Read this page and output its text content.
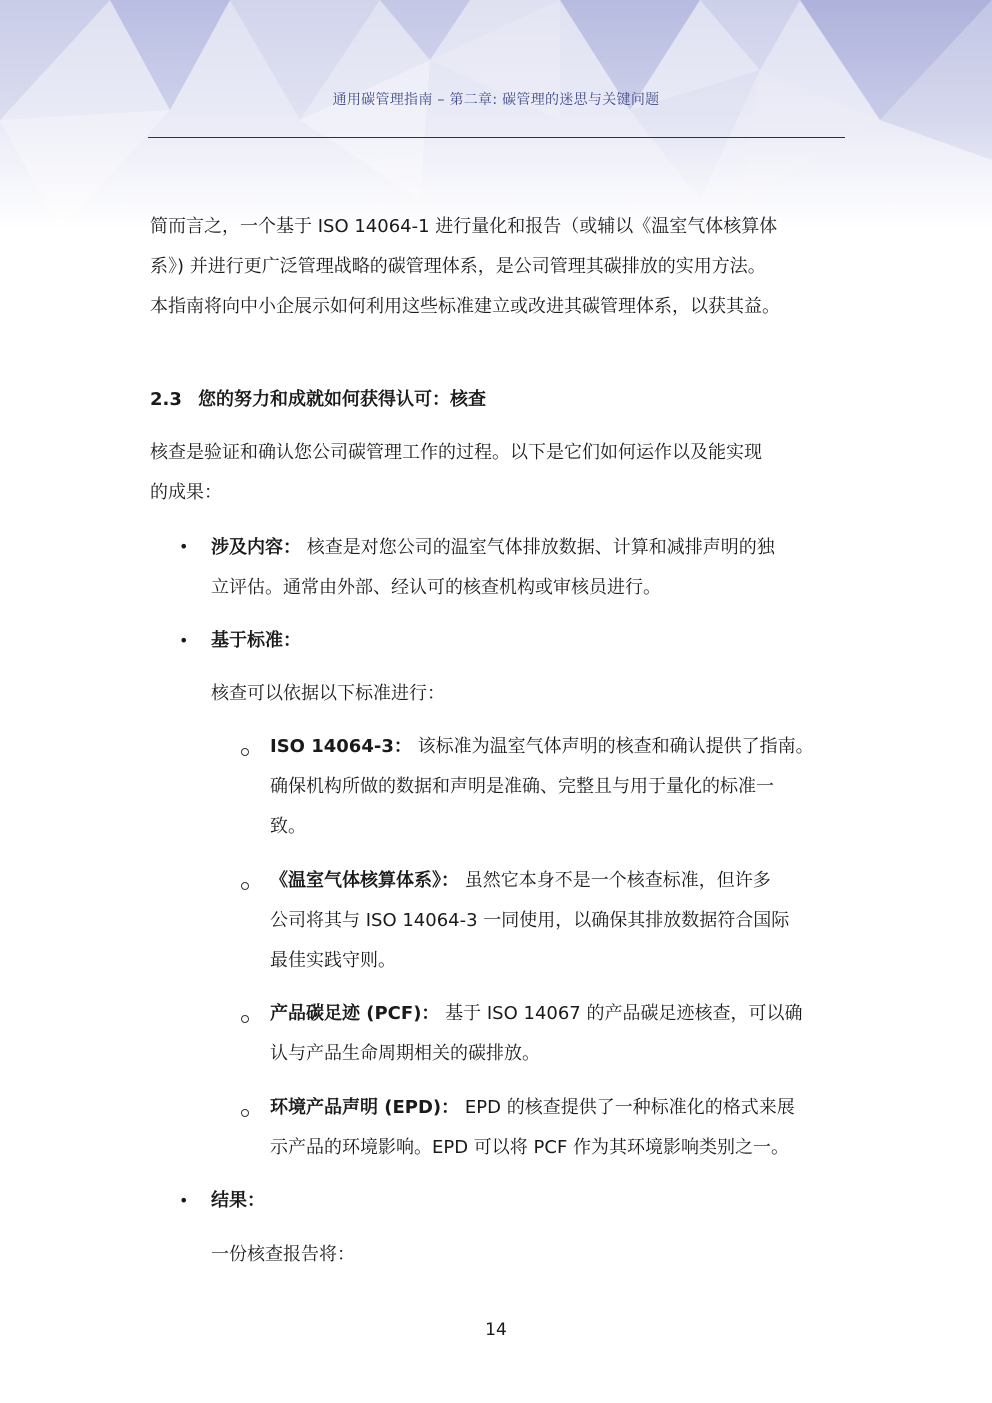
通用碳管理指南 – 第二章: 碳管理的迷思与关键问题

简而言之，一个基于 ISO 14064-1 进行量化和报告（或辅以《温室气体核算体

系》) 并进行更广泛管理战略的碳管理体系，是公司管理其碳排放的实用方法。

本指南将向中小企展示如何利用这些标准建立或改进其碳管理体系，以获其益。

2.3 您的努力和成就如何获得认可：核查

核查是验证和确认您公司碳管理工作的过程。以下是它们如何运作以及能实现

的成果：

• 涉及内容： 核查是对您公司的温室气体排放数据、计算和减排声明的独

立评估。通常由外部、经认可的核查机构或审核员进行。

• 基于标准：

核查可以依据以下标准进行：

ISO 14064-3： 该标准为温室气体声明的核查和确认提供了指南。

确保机构所做的数据和声明是准确、完整且与用于量化的标准一

致。

《温室气体核算体系》： 虽然它本身不是一个核查标准，但许多

公司将其与 ISO 14064-3 一同使用，以确保其排放数据符合国际

最佳实践守则。

产品碳足迹 (PCF)： 基于 ISO 14067 的产品碳足迹核查，可以确

认与产品生命周期相关的碳排放。

环境产品声明 (EPD)： EPD 的核查提供了一种标准化的格式来展

示产品的环境影响。EPD 可以将 PCF 作为其环境影响类别之一。

• 结果：

一份核查报告将：

14
